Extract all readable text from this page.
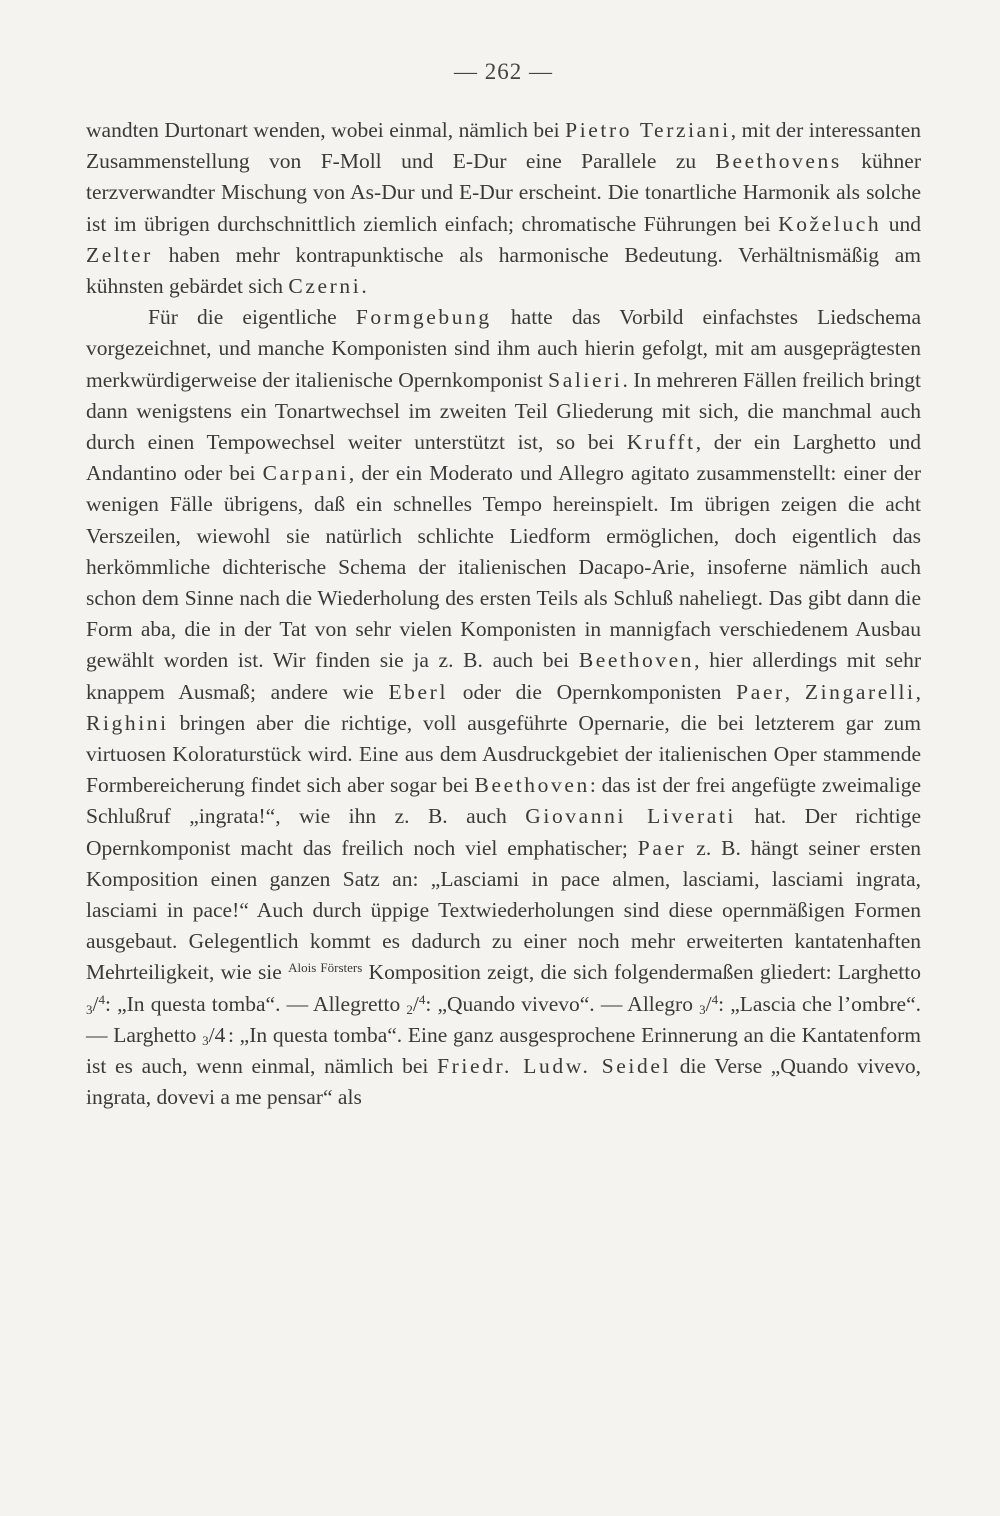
— 262 —

wandten Durtonart wenden, wobei einmal, nämlich bei Pietro Terziani, mit der interessanten Zusammenstellung von F-Moll und E-Dur eine Parallele zu Beethovens kühner terzverwandter Mischung von As-Dur und E-Dur erscheint. Die tonartliche Harmonik als solche ist im übrigen durchschnittlich ziemlich einfach; chromatische Führungen bei Koželuch und Zelter haben mehr kontrapunktische als harmonische Bedeutung. Verhältnismäßig am kühnsten gebärdet sich Czerni.

Für die eigentliche Formgebung hatte das Vorbild einfachstes Liedschema vorgezeichnet, und manche Komponisten sind ihm auch hierin gefolgt, mit am ausgeprägtesten merkwürdigerweise der italienische Opernkomponist Salieri. In mehreren Fällen freilich bringt dann wenigstens ein Tonartwechsel im zweiten Teil Gliederung mit sich, die manchmal auch durch einen Tempowechsel weiter unterstützt ist, so bei Krufft, der ein Larghetto und Andantino oder bei Carpani, der ein Moderato und Allegro agitato zusammenstellt: einer der wenigen Fälle übrigens, daß ein schnelles Tempo hereinspielt. Im übrigen zeigen die acht Verszeilen, wiewohl sie natürlich schlichte Liedform ermöglichen, doch eigentlich das herkömmliche dichterische Schema der italienischen Dacapo-Arie, insoferne nämlich auch schon dem Sinne nach die Wiederholung des ersten Teils als Schluß naheliegt. Das gibt dann die Form aba, die in der Tat von sehr vielen Komponisten in mannigfach verschiedenem Ausbau gewählt worden ist. Wir finden sie ja z. B. auch bei Beethoven, hier allerdings mit sehr knappem Ausmaß; andere wie Eberl oder die Opernkomponisten Paer, Zingarelli, Righini bringen aber die richtige, voll ausgeführte Opernarie, die bei letzterem gar zum virtuosen Koloraturstück wird. Eine aus dem Ausdruckgebiet der italienischen Oper stammende Formbereicherung findet sich aber sogar bei Beethoven: das ist der frei angefügte zweimalige Schlußruf „ingrata!“, wie ihn z. B. auch Giovanni Liverati hat. Der richtige Opernkomponist macht das freilich noch viel emphatischer; Paer z. B. hängt seiner ersten Komposition einen ganzen Satz an: „Lasciami in pace almen, lasciami, lasciami ingrata, lasciami in pace!“ Auch durch üppige Textwiederholungen sind diese opernmäßigen Formen ausgebaut. Gelegentlich kommt es dadurch zu einer noch mehr erweiterten kantatenhaften Mehrteiligkeit, wie sie $^{Alois Försters}$ Komposition zeigt, die sich folgendermaßen gliedert: Larghetto $_3$/$^4$: „In questa tomba“. — Allegretto $_2$/$^4$: „Quando vivevo“. — Allegro $_3$/$^4$: „Lascia che l’ombre“. — Larghetto $_3$/4: „In questa tomba“. Eine ganz ausgesprochene Erinnerung an die Kantatenform ist es auch, wenn einmal, nämlich bei Friedr. Ludw. Seidel die Verse „Quando vivevo, ingrata, dovevi a me pensar“ als
